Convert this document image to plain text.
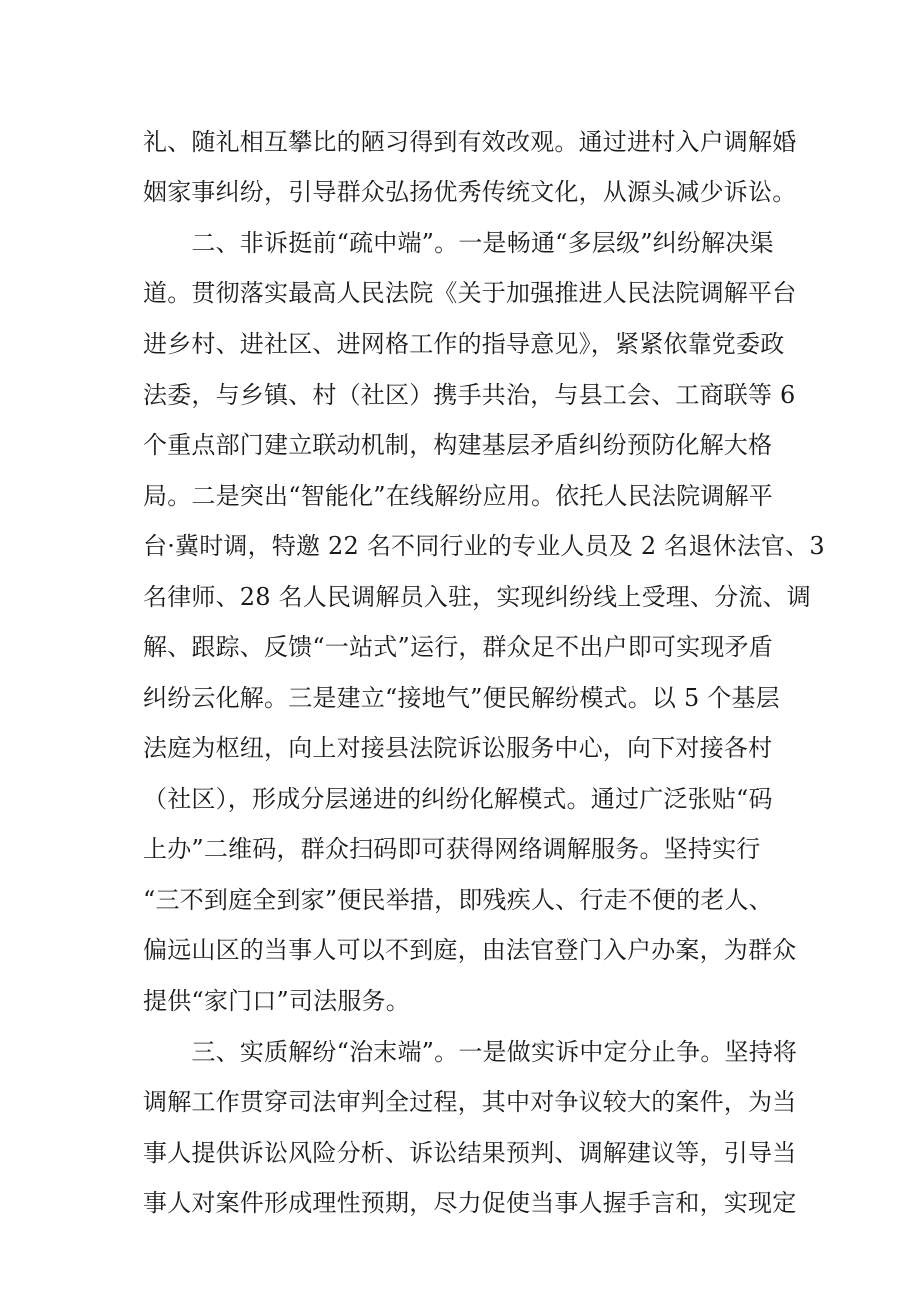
礼、随礼相互攀比的陋习得到有效改观。通过进村入户调解婚
姻家事纠纷，引导群众弘扬优秀传统文化，从源头减少诉讼。
　　二、非诉挺前“疏中端”。一是畅通“多层级”纠纷解决渠
道。贯彻落实最高人民法院《关于加强推进人民法院调解平台
进乡村、进社区、进网格工作的指导意见》，紧紧依靠党委政
法委，与乡镇、村（社区）携手共治，与县工会、工商联等 6
个重点部门建立联动机制，构建基层矛盾纠纷预防化解大格
局。二是突出“智能化”在线解纷应用。依托人民法院调解平
台·冀时调，特邀 22 名不同行业的专业人员及 2 名退休法官、3
名律师、28 名人民调解员入驻，实现纠纷线上受理、分流、调
解、跟踪、反馈“一站式”运行，群众足不出户即可实现矛盾
纠纷云化解。三是建立“接地气”便民解纷模式。以 5 个基层
法庭为枢纽，向上对接县法院诉讼服务中心，向下对接各村
（社区），形成分层递进的纠纷化解模式。通过广泛张贴“码
上办”二维码，群众扫码即可获得网络调解服务。坚持实行
“三不到庭全到家”便民举措，即残疾人、行走不便的老人、
偏远山区的当事人可以不到庭，由法官登门入户办案，为群众
提供“家门口”司法服务。
　　三、实质解纷“治末端”。一是做实诉中定分止争。坚持将
调解工作贯穿司法审判全过程，其中对争议较大的案件，为当
事人提供诉讼风险分析、诉讼结果预判、调解建议等，引导当
事人对案件形成理性预期，尽力促使当事人握手言和，实现定
